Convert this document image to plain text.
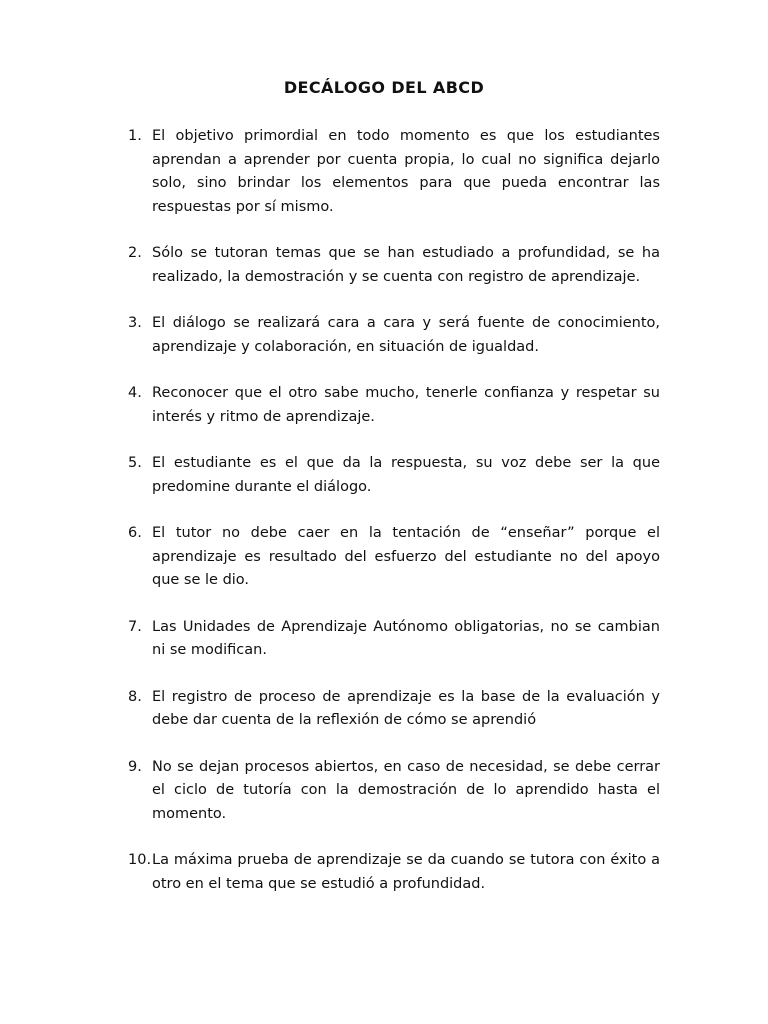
DECÁLOGO DEL ABCD
1. El objetivo primordial en todo momento es que los estudiantes aprendan a aprender por cuenta propia, lo cual no significa dejarlo solo, sino brindar los elementos para que pueda encontrar las respuestas por sí mismo.
2. Sólo se tutoran temas que se han estudiado a profundidad, se ha realizado, la demostración y se cuenta con registro de aprendizaje.
3. El diálogo se realizará cara a cara y será fuente de conocimiento, aprendizaje y colaboración, en situación de igualdad.
4. Reconocer que el otro sabe mucho, tenerle confianza y respetar su interés y ritmo de aprendizaje.
5. El estudiante es el que da la respuesta, su voz debe ser la que predomine durante el diálogo.
6. El tutor no debe caer en la tentación de “enseñar” porque el aprendizaje es resultado del esfuerzo del estudiante no del apoyo que se le dio.
7. Las Unidades de Aprendizaje Autónomo obligatorias, no se cambian ni se modifican.
8. El registro de proceso de aprendizaje es la base de la evaluación y debe dar cuenta de la reflexión de cómo se aprendió
9. No se dejan procesos abiertos, en caso de necesidad, se debe cerrar el ciclo de tutoría con la demostración de lo aprendido hasta el momento.
10. La máxima prueba de aprendizaje se da cuando se tutora con éxito a otro en el tema que se estudió a profundidad.
